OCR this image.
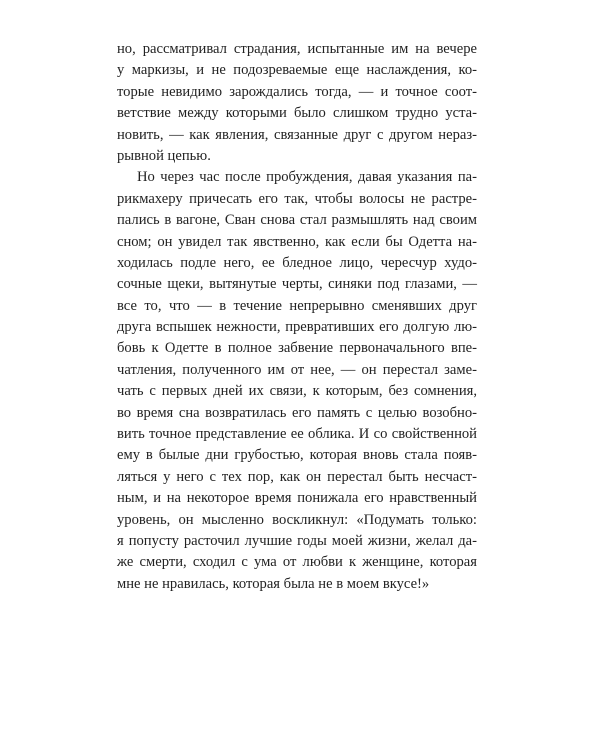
но, рассматривал страдания, испытанные им на вечере
у маркизы, и не подозреваемые еще наслаждения, ко-
торые невидимо зарождались тогда, — и точное соот-
ветствие между которыми было слишком трудно уста-
новить, — как явления, связанные друг с другом нераз-
рывной цепью.
Но через час после пробуждения, давая указания па-
рикмахеру причесать его так, чтобы волосы не растре-
пались в вагоне, Сван снова стал размышлять над своим
сном; он увидел так явственно, как если бы Одетта на-
ходилась подле него, ее бледное лицо, чересчур худо-
сочные щеки, вытянутые черты, синяки под глазами, —
все то, что — в течение непрерывно сменявших друг
друга вспышек нежности, превративших его долгую лю-
бовь к Одетте в полное забвение первоначального впе-
чатления, полученного им от нее, — он перестал заме-
чать с первых дней их связи, к которым, без сомнения,
во время сна возвратилась его память с целью возобно-
вить точное представление ее облика. И со свойственной
ему в былые дни грубостью, которая вновь стала появ-
ляться у него с тех пор, как он перестал быть несчаст-
ным, и на некоторое время понижала его нравственный
уровень, он мысленно воскликнул: «Подумать только:
я попусту расточил лучшие годы моей жизни, желал да-
же смерти, сходил с ума от любви к женщине, которая
мне не нравилась, которая была не в моем вкусе!»
